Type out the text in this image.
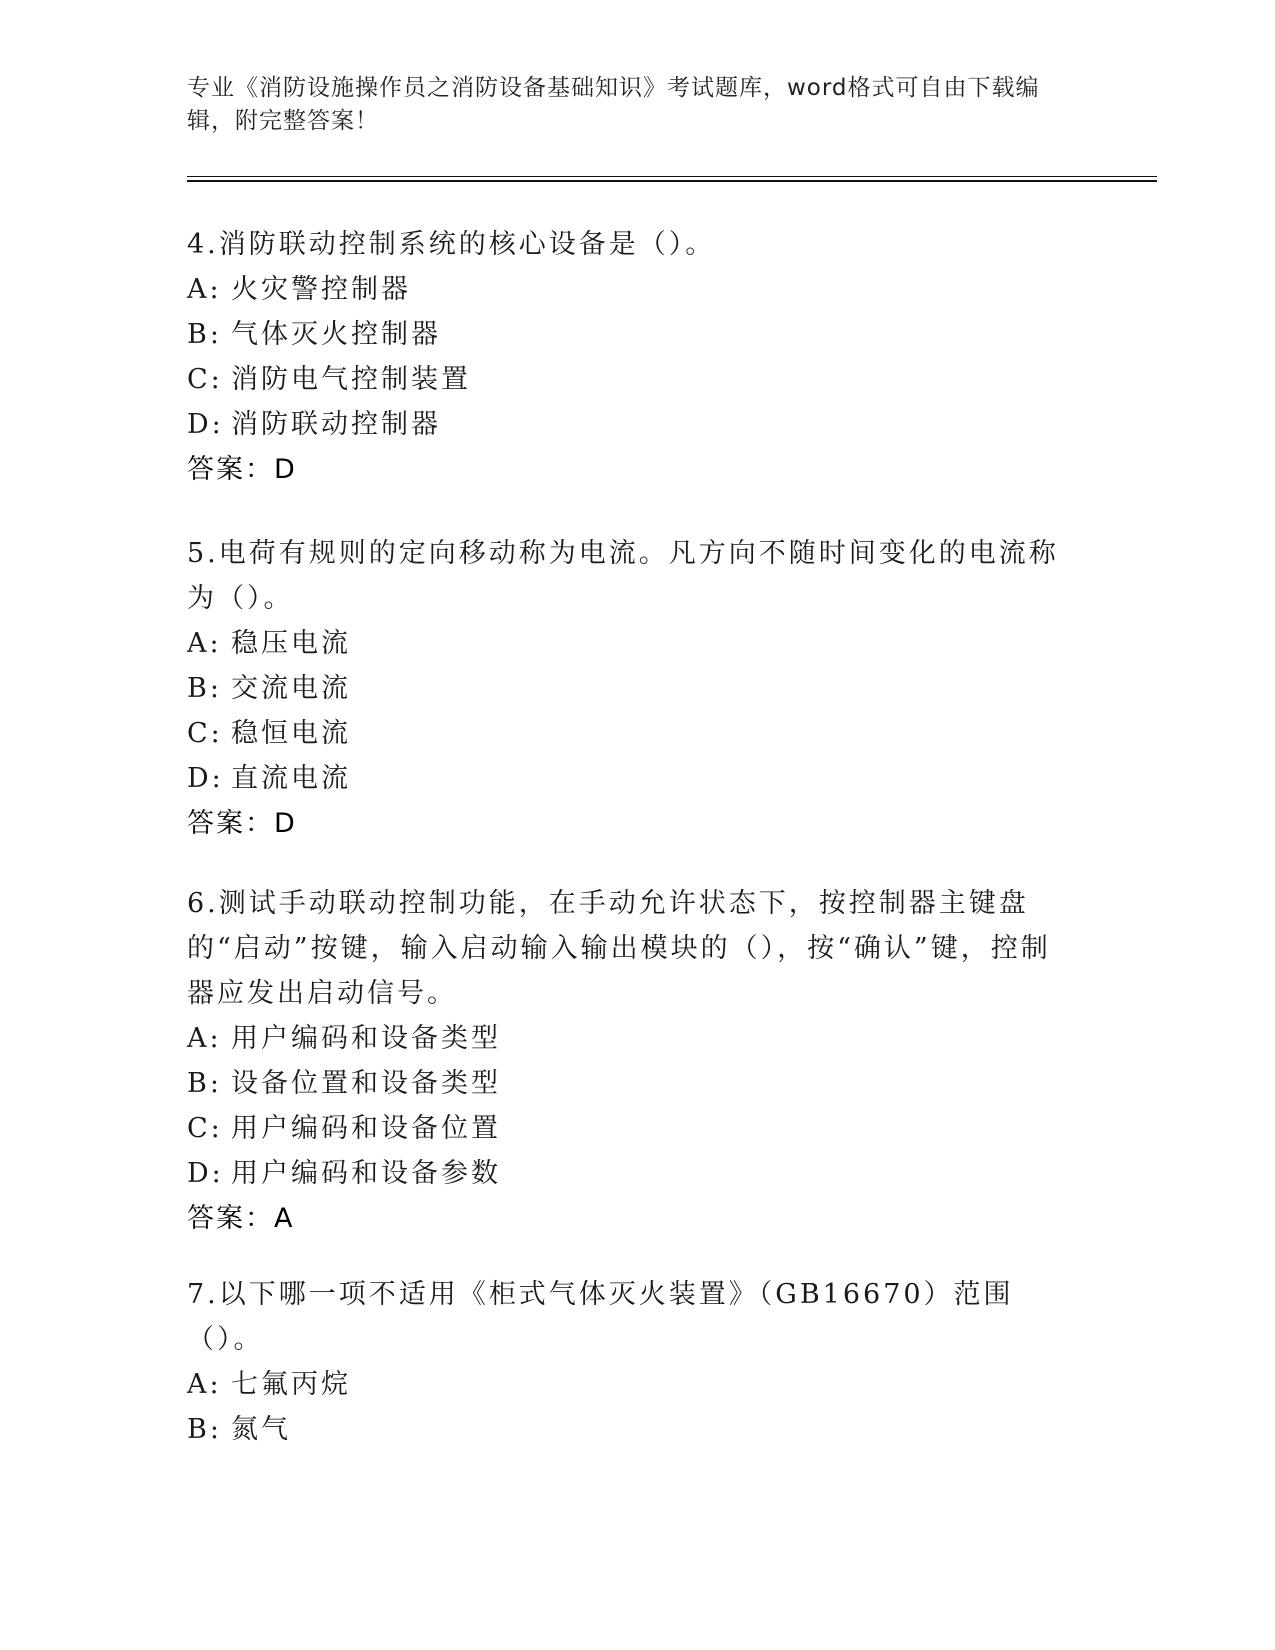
专业《消防设施操作员之消防设备基础知识》考试题库，word格式可自由下载编辑，附完整答案！
4.消防联动控制系统的核心设备是（）。
A: 火灾警控制器
B: 气体灭火控制器
C: 消防电气控制装置
D: 消防联动控制器
答案：D
5.电荷有规则的定向移动称为电流。凡方向不随时间变化的电流称为（）。
A: 稳压电流
B: 交流电流
C: 稳恒电流
D: 直流电流
答案：D
6.测试手动联动控制功能，在手动允许状态下，按控制器主键盘的“启动”按键，输入启动输入输出模块的（），按“确认”键，控制器应发出启动信号。
A: 用户编码和设备类型
B: 设备位置和设备类型
C: 用户编码和设备位置
D: 用户编码和设备参数
答案：A
7.以下哪一项不适用《柜式气体灭火装置》（GB16670）范围（）。
A: 七氟丙烷
B: 氮气
